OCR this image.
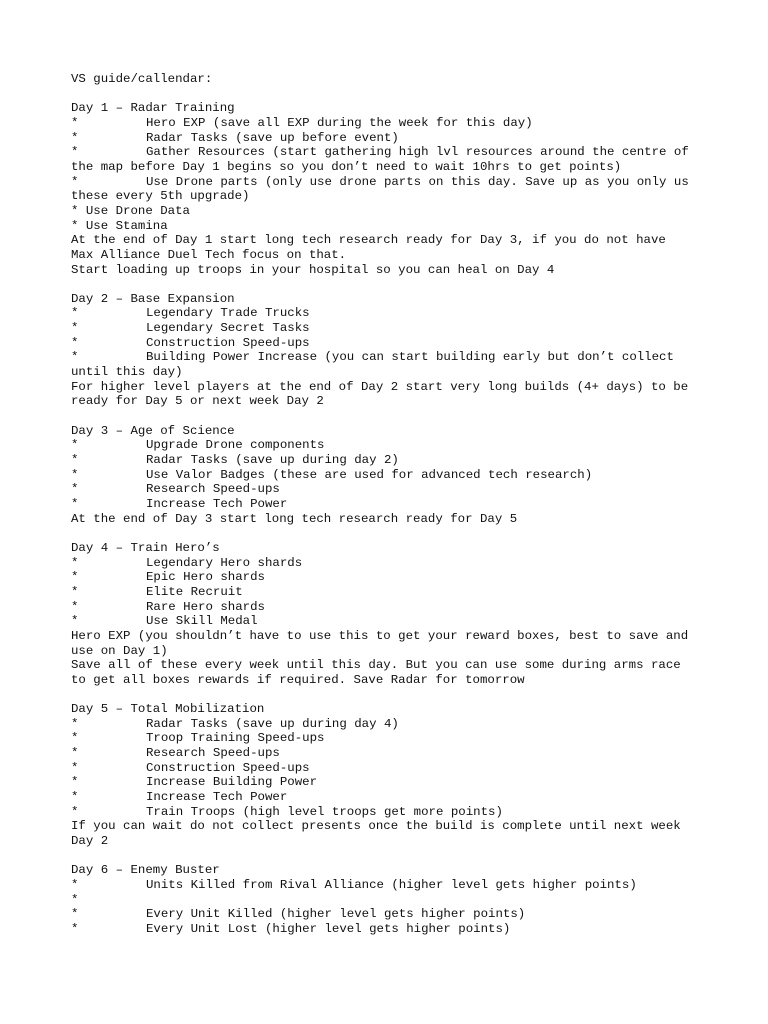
VS guide/callendar:
Day 1 – Radar Training
*	Hero EXP (save all EXP during the week for this day)
*	Radar Tasks (save up before event)
*	Gather Resources (start gathering high lvl resources around the centre of
the map before Day 1 begins so you don’t need to wait 10hrs to get points)
*	Use Drone parts (only use drone parts on this day. Save up as you only us
these every 5th upgrade)
* Use Drone Data
* Use Stamina
At the end of Day 1 start long tech research ready for Day 3, if you do not have
Max Alliance Duel Tech focus on that.
Start loading up troops in your hospital so you can heal on Day 4
Day 2 – Base Expansion
*	Legendary Trade Trucks
*	Legendary Secret Tasks
*	Construction Speed-ups
*	Building Power Increase (you can start building early but don’t collect
until this day)
For higher level players at the end of Day 2 start very long builds (4+ days) to be
ready for Day 5 or next week Day 2
Day 3 – Age of Science
*	Upgrade Drone components
*	Radar Tasks (save up during day 2)
*	Use Valor Badges (these are used for advanced tech research)
*	Research Speed-ups
*	Increase Tech Power
At the end of Day 3 start long tech research ready for Day 5
Day 4 – Train Hero’s
*	Legendary Hero shards
*	Epic Hero shards
*	Elite Recruit
*	Rare Hero shards
*	Use Skill Medal
Hero EXP (you shouldn’t have to use this to get your reward boxes, best to save and
use on Day 1)
Save all of these every week until this day. But you can use some during arms race
to get all boxes rewards if required. Save Radar for tomorrow
Day 5 – Total Mobilization
*	Radar Tasks (save up during day 4)
*	Troop Training Speed-ups
*	Research Speed-ups
*	Construction Speed-ups
*	Increase Building Power
*	Increase Tech Power
*	Train Troops (high level troops get more points)
If you can wait do not collect presents once the build is complete until next week
Day 2
Day 6 – Enemy Buster
*	Units Killed from Rival Alliance (higher level gets higher points)
*
*	Every Unit Killed (higher level gets higher points)
*	Every Unit Lost (higher level gets higher points)
